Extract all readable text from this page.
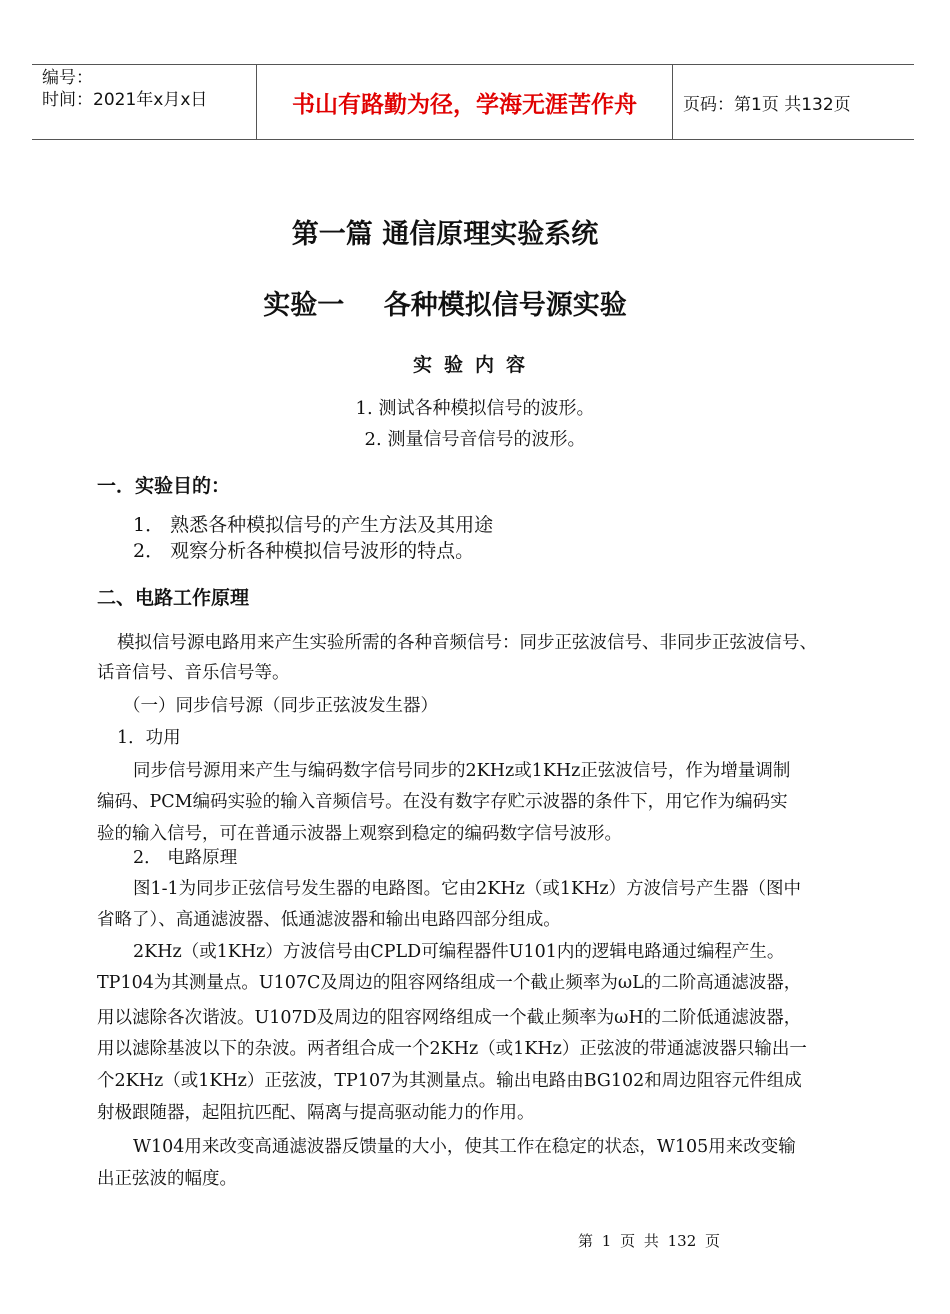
编号：
时间：2021年x月x日	书山有路勤为径，学海无涯苦作舟	页码：第1页 共132页
第一篇 通信原理实验系统
实验一 各种模拟信号源实验
实验内容
1. 测试各种模拟信号的波形。
2. 测量信号音信号的波形。
一．实验目的：
1． 熟悉各种模拟信号的产生方法及其用途
2． 观察分析各种模拟信号波形的特点。
二、电路工作原理
模拟信号源电路用来产生实验所需的各种音频信号：同步正弦波信号、非同步正弦波信号、
话音信号、音乐信号等。
（一）同步信号源（同步正弦波发生器）
1．功用
同步信号源用来产生与编码数字信号同步的2KHz或1KHz正弦波信号，作为增量调制
编码、PCM编码实验的输入音频信号。在没有数字存贮示波器的条件下，用它作为编码实
验的输入信号，可在普通示波器上观察到稳定的编码数字信号波形。
2． 电路原理
图1-1为同步正弦信号发生器的电路图。它由2KHz（或1KHz）方波信号产生器（图中
省略了）、高通滤波器、低通滤波器和输出电路四部分组成。
2KHz（或1KHz）方波信号由CPLD可编程器件U101内的逻辑电路通过编程产生。
TP104为其测量点。U107C及周边的阻容网络组成一个截止频率为ωL的二阶高通滤波器，
用以滤除各次谐波。U107D及周边的阻容网络组成一个截止频率为ωH的二阶低通滤波器，
用以滤除基波以下的杂波。两者组合成一个2KHz（或1KHz）正弦波的带通滤波器只输出一
个2KHz（或1KHz）正弦波，TP107为其测量点。输出电路由BG102和周边阻容元件组成
射极跟随器，起阻抗匹配、隔离与提高驱动能力的作用。
W104用来改变高通滤波器反馈量的大小，使其工作在稳定的状态，W105用来改变输
出正弦波的幅度。
第 1 页 共 132 页
